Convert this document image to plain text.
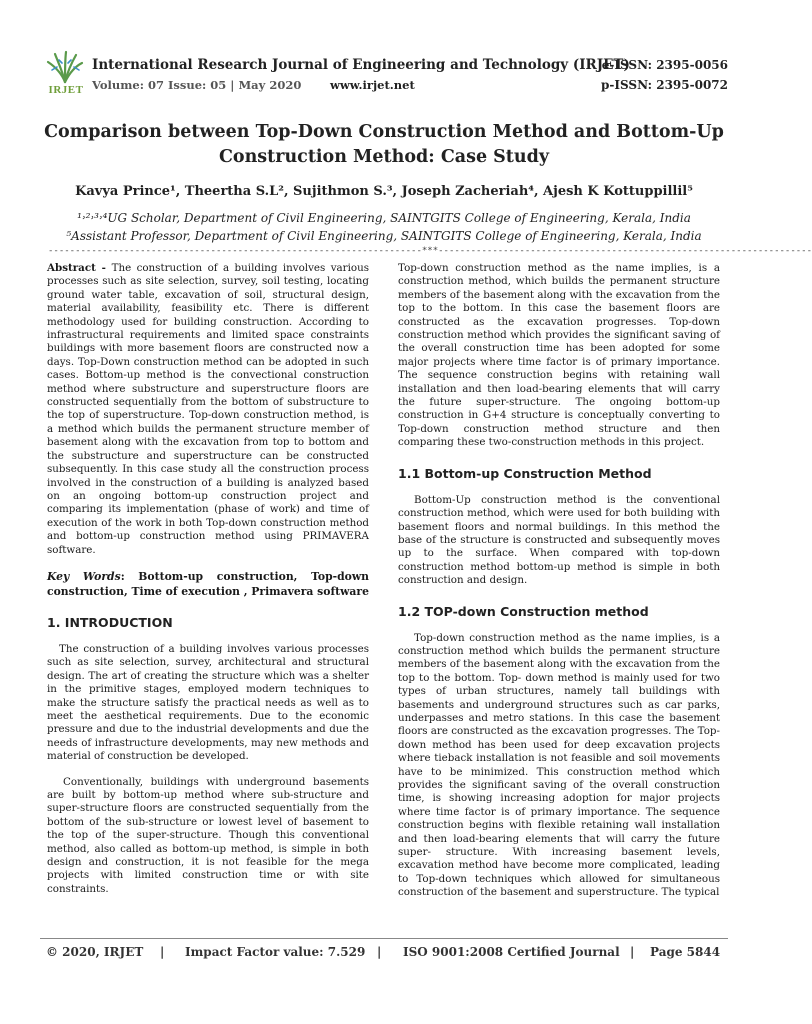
IRJET
International Research Journal of Engineering and Technology (IRJET)
Volume: 07 Issue: 05 | May 2020 www.irjet.net
e-ISSN: 2395-0056
p-ISSN: 2395-0072
Comparison between Top-Down Construction Method and Bottom-Up Construction Method: Case Study
Kavya Prince¹, Theertha S.L², Sujithmon S.³, Joseph Zacheriah⁴, Ajesh K Kottuppillil⁵
¹˒²˒³˒⁴UG Scholar, Department of Civil Engineering, SAINTGITS College of Engineering, Kerala, India
⁵Assistant Professor, Department of Civil Engineering, SAINTGITS College of Engineering, Kerala, India
---------------------------------------------------------------------***---------------------------------------------------------------------

Abstract - The construction of a building involves various processes such as site selection, survey, soil testing, locating ground water table, excavation of soil, structural design, material availability, feasibility etc. There is different methodology used for building construction. According to infrastructural requirements and limited space constraints buildings with more basement floors are constructed now a days. Top-Down construction method can be adopted in such cases. Bottom-up method is the convectional construction method where substructure and superstructure floors are constructed sequentially from the bottom of substructure to the top of superstructure. Top-down construction method, is a method which builds the permanent structure member of basement along with the excavation from top to bottom and the substructure and superstructure can be constructed subsequently. In this case study all the construction process involved in the construction of a building is analyzed based on an ongoing bottom-up construction project and comparing its implementation (phase of work) and time of execution of the work in both Top-down construction method and bottom-up construction method using PRIMAVERA software.

Key Words: Bottom-up construction, Top-down construction, Time of execution , Primavera software

1. INTRODUCTION

The construction of a building involves various processes such as site selection, survey, architectural and structural design. The art of creating the structure which was a shelter in the primitive stages, employed modern techniques to make the structure satisfy the practical needs as well as to meet the aesthetical requirements. Due to the economic pressure and due to the industrial developments and due the needs of infrastructure developments, may new methods and material of construction be developed.

Conventionally, buildings with underground basements are built by bottom-up method where sub-structure and super-structure floors are constructed sequentially from the bottom of the sub-structure or lowest level of basement to the top of the super-structure. Though this conventional method, also called as bottom-up method, is simple in both design and construction, it is not feasible for the mega projects with limited construction time or with site constraints.

Top-down construction method as the name implies, is a construction method, which builds the permanent structure members of the basement along with the excavation from the top to the bottom. In this case the basement floors are constructed as the excavation progresses. Top-down construction method which provides the significant saving of the overall construction time has been adopted for some major projects where time factor is of primary importance. The sequence construction begins with retaining wall installation and then load-bearing elements that will carry the future super-structure. The ongoing bottom-up construction in G+4 structure is conceptually converting to Top-down construction method structure and then comparing these two-construction methods in this project.

1.1 Bottom-up Construction Method

Bottom-Up construction method is the conventional construction method, which were used for both building with basement floors and normal buildings. In this method the base of the structure is constructed and subsequently moves up to the surface. When compared with top-down construction method bottom-up method is simple in both construction and design.

1.2 TOP-down Construction method

Top-down construction method as the name implies, is a construction method which builds the permanent structure members of the basement along with the excavation from the top to the bottom. Top- down method is mainly used for two types of urban structures, namely tall buildings with basements and underground structures such as car parks, underpasses and metro stations. In this case the basement floors are constructed as the excavation progresses. The Top-down method has been used for deep excavation projects where tieback installation is not feasible and soil movements have to be minimized. This construction method which provides the significant saving of the overall construction time, is showing increasing adoption for major projects where time factor is of primary importance. The sequence construction begins with flexible retaining wall installation and then load-bearing elements that will carry the future super- structure. With increasing basement levels, excavation method have become more complicated, leading to Top-down techniques which allowed for simultaneous construction of the basement and superstructure. The typical

© 2020, IRJET | Impact Factor value: 7.529 | ISO 9001:2008 Certified Journal | Page 5844
